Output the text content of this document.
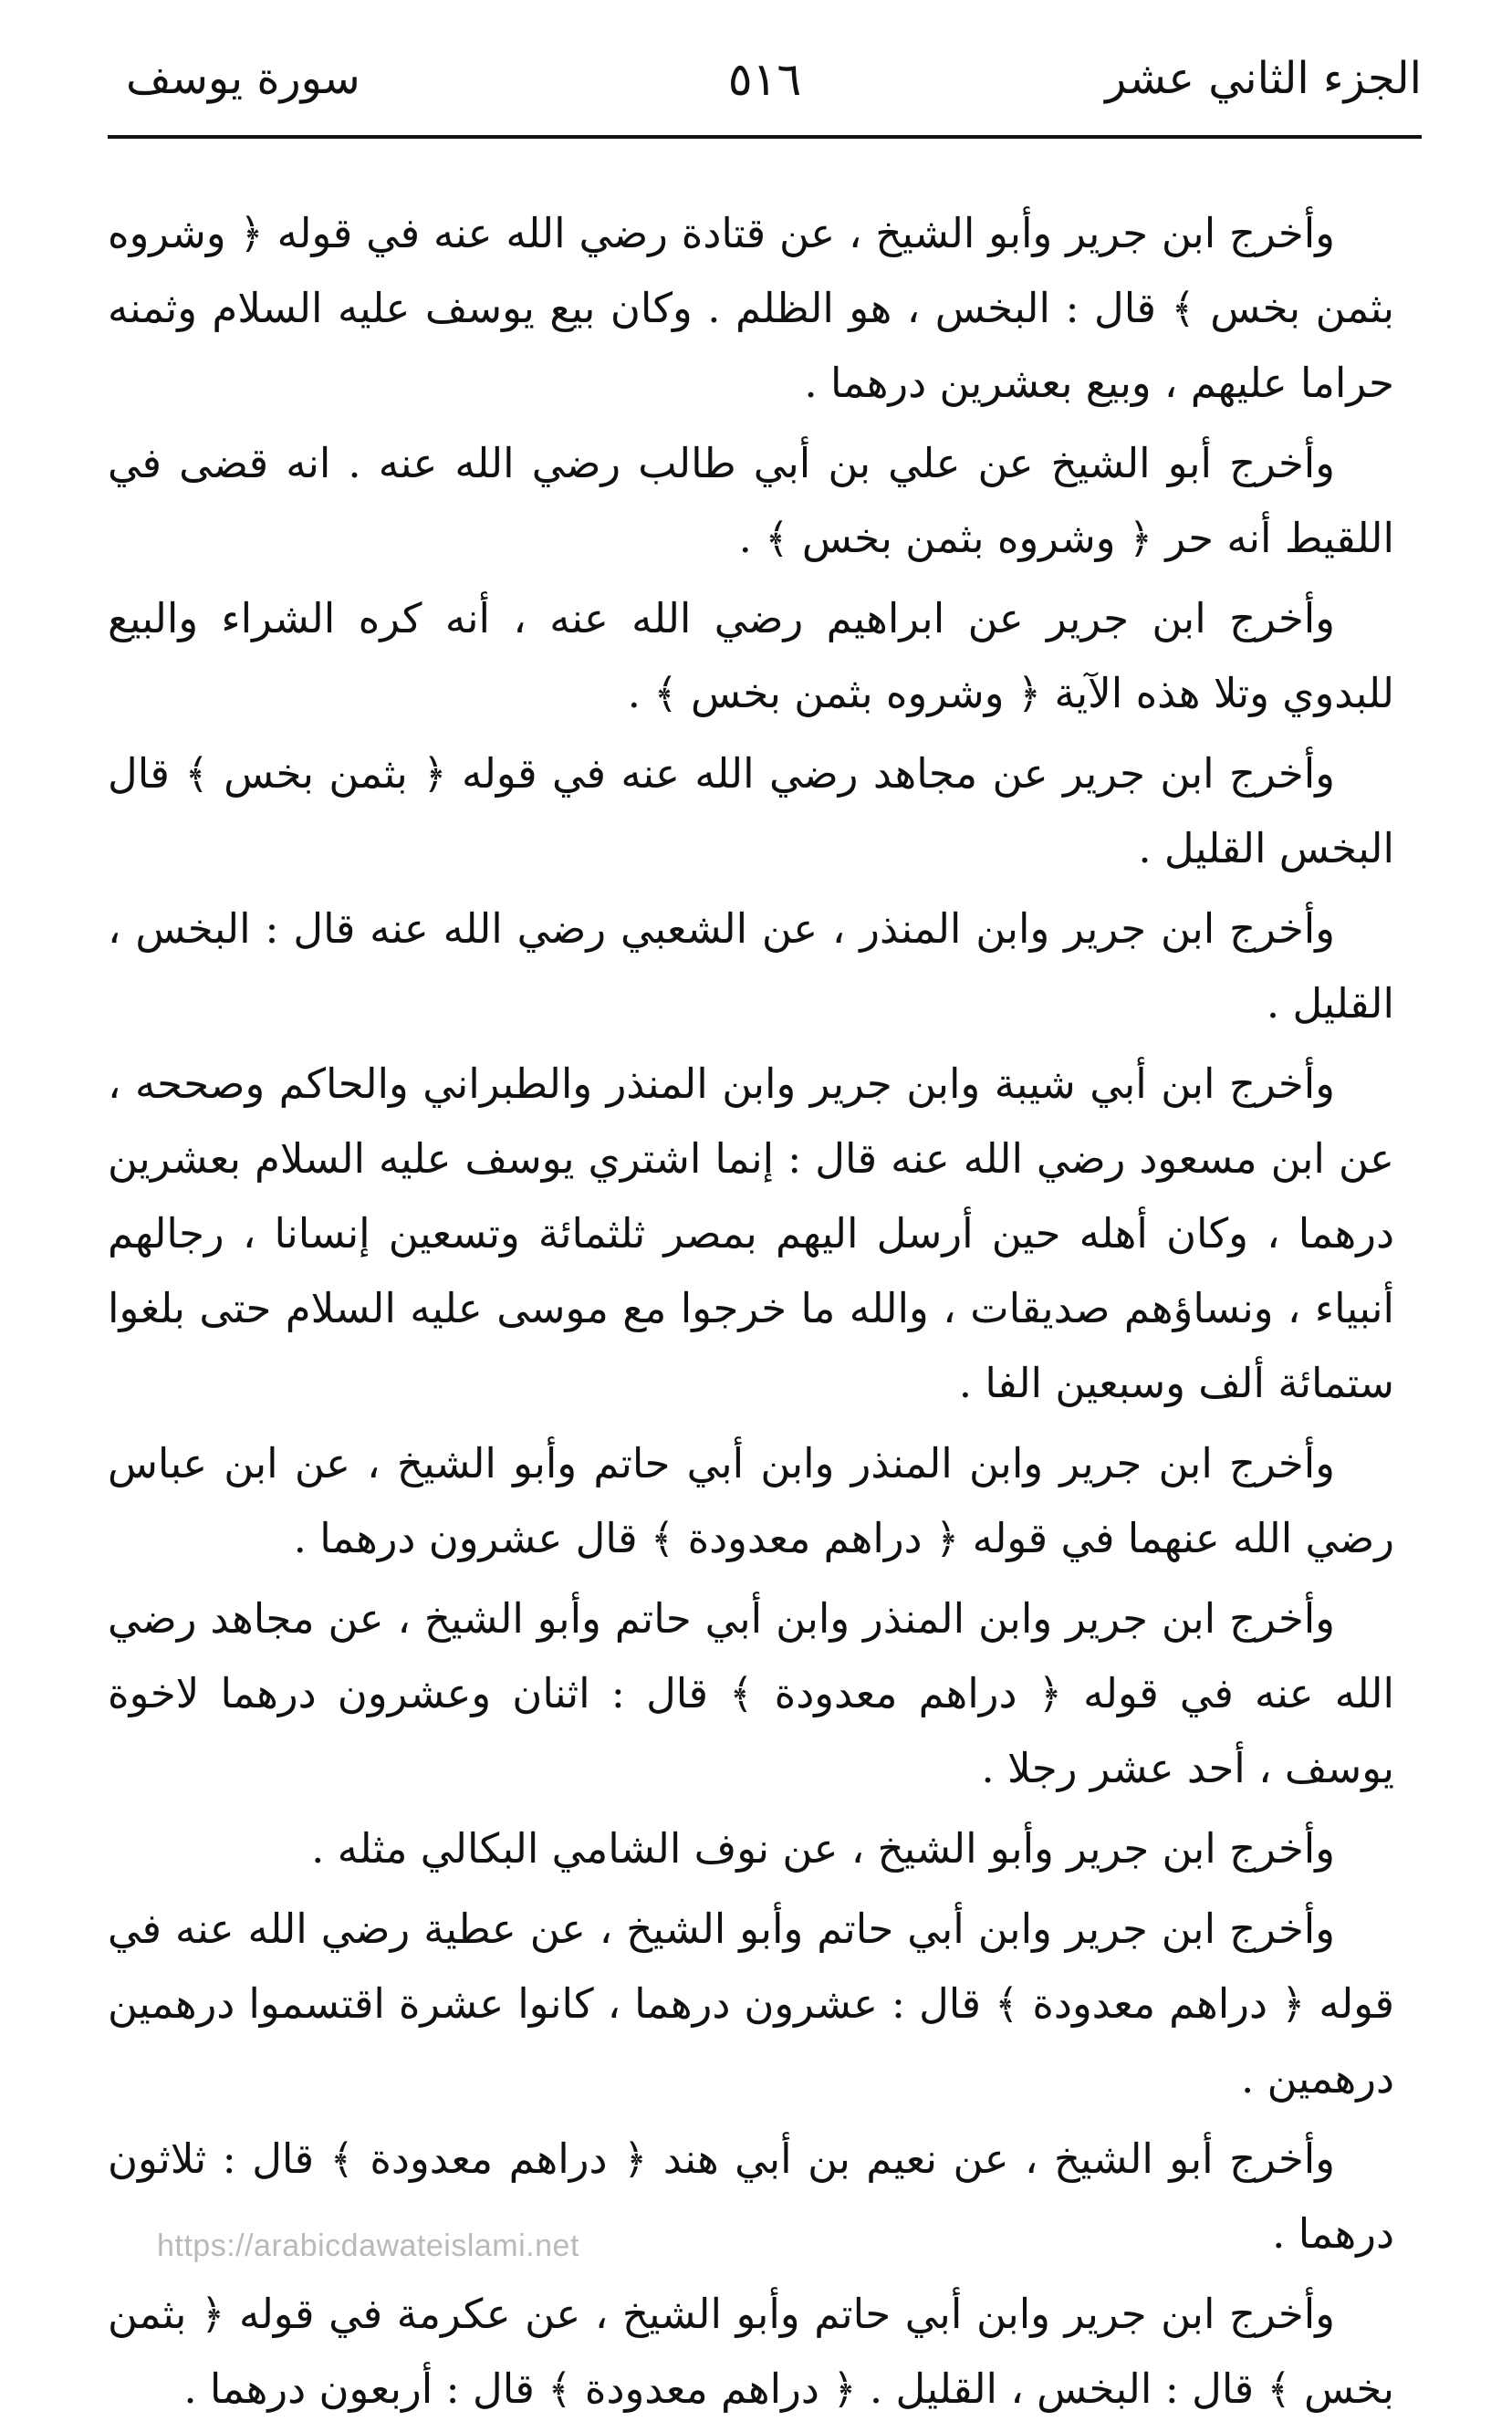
الجزء الثاني عشر
٥١٦
سورة يوسف

وأخرج ابن جرير وأبو الشيخ ، عن قتادة رضي الله عنه في قوله ﴿ وشروه بثمن بخس ﴾ قال : البخس ، هو الظلم . وكان بيع يوسف عليه السلام وثمنه حراما عليهم ، وبيع بعشرين درهما .

وأخرج أبو الشيخ عن علي بن أبي طالب رضي الله عنه . انه قضى في اللقيط أنه حر ﴿ وشروه بثمن بخس ﴾ .

وأخرج ابن جرير عن ابراهيم رضي الله عنه ، أنه كره الشراء والبيع للبدوي وتلا هذه الآية ﴿ وشروه بثمن بخس ﴾ .

وأخرج ابن جرير عن مجاهد رضي الله عنه في قوله ﴿ بثمن بخس ﴾ قال البخس القليل .

وأخرج ابن جرير وابن المنذر ، عن الشعبي رضي الله عنه قال : البخس ، القليل .

وأخرج ابن أبي شيبة وابن جرير وابن المنذر والطبراني والحاكم وصححه ، عن ابن مسعود رضي الله عنه قال : إنما اشتري يوسف عليه السلام بعشرين درهما ، وكان أهله حين أرسل اليهم بمصر ثلثمائة وتسعين إنسانا ، رجالهم أنبياء ، ونساؤهم صديقات ، والله ما خرجوا مع موسى عليه السلام حتى بلغوا ستمائة ألف وسبعين الفا .

وأخرج ابن جرير وابن المنذر وابن أبي حاتم وأبو الشيخ ، عن ابن عباس رضي الله عنهما في قوله ﴿ دراهم معدودة ﴾ قال عشرون درهما .

وأخرج ابن جرير وابن المنذر وابن أبي حاتم وأبو الشيخ ، عن مجاهد رضي الله عنه في قوله ﴿ دراهم معدودة ﴾ قال : اثنان وعشرون درهما لاخوة يوسف ، أحد عشر رجلا .

وأخرج ابن جرير وأبو الشيخ ، عن نوف الشامي البكالي مثله .

وأخرج ابن جرير وابن أبي حاتم وأبو الشيخ ، عن عطية رضي الله عنه في قوله ﴿ دراهم معدودة ﴾ قال : عشرون درهما ، كانوا عشرة اقتسموا درهمين درهمين .

وأخرج أبو الشيخ ، عن نعيم بن أبي هند ﴿ دراهم معدودة ﴾ قال : ثلاثون درهما .

وأخرج ابن جرير وابن أبي حاتم وأبو الشيخ ، عن عكرمة في قوله ﴿ بثمن بخس ﴾ قال : البخس ، القليل . ﴿ دراهم معدودة ﴾ قال : أربعون درهما .

https://arabicdawateislami.net
